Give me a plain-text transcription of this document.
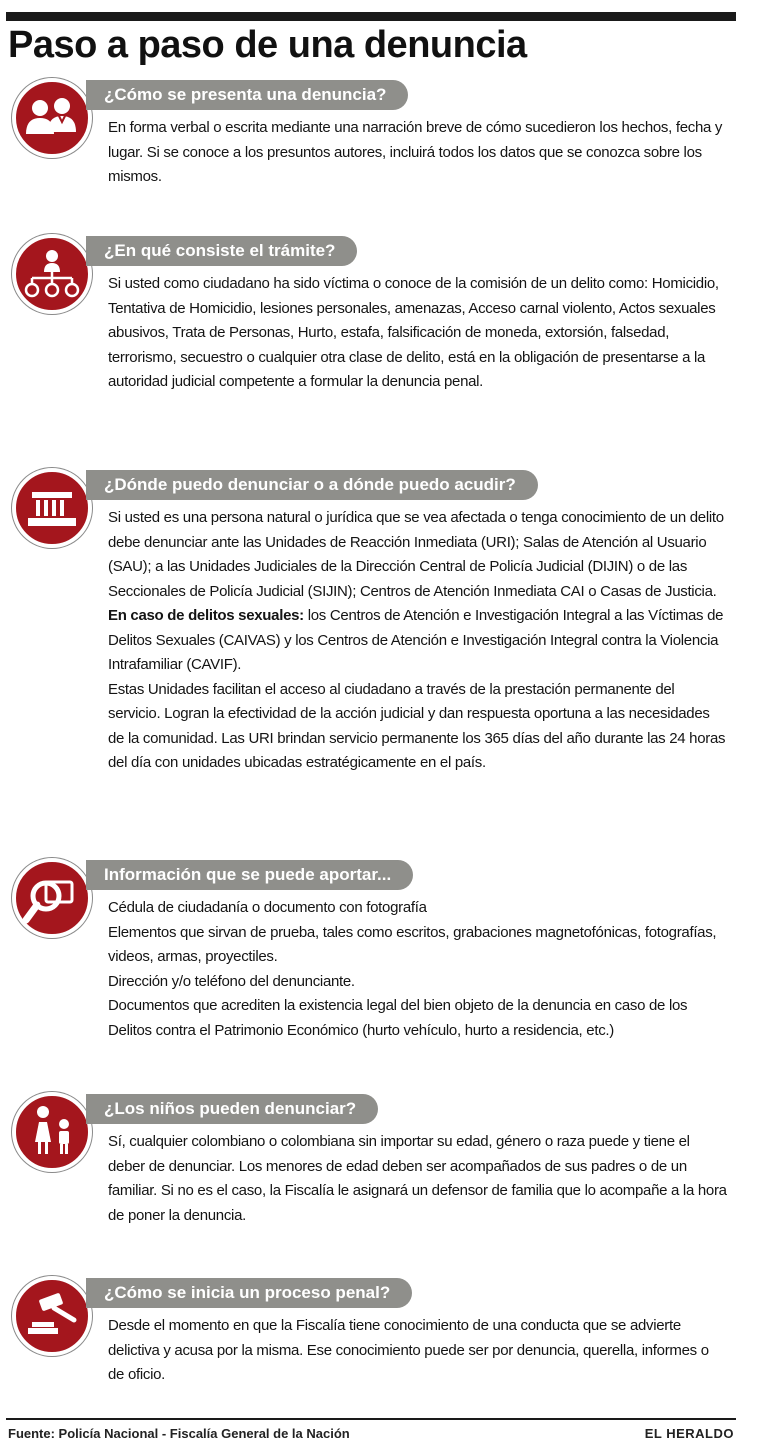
Paso a paso de una denuncia
¿Cómo se presenta una denuncia?

En forma verbal o escrita mediante una narración breve de cómo sucedieron los hechos, fecha y lugar. Si se conoce a los presuntos autores, incluirá todos los datos que se conozca sobre los mismos.

¿En qué consiste el trámite?

Si usted como ciudadano ha sido víctima o conoce de la comisión de un delito como: Homicidio, Tentativa de Homicidio, lesiones personales, amenazas, Acceso carnal violento, Actos sexuales abusivos, Trata de Personas, Hurto, estafa, falsificación de moneda, extorsión, falsedad, terrorismo, secuestro o cualquier otra clase de delito, está en la obligación de presentarse a la autoridad judicial competente a formular la denuncia penal.

¿Dónde puedo denunciar o a dónde puedo acudir?

Si usted es una persona natural o jurídica que se vea afectada o tenga conocimiento de un delito debe denunciar ante las Unidades de Reacción Inmediata (URI); Salas de Atención al Usuario (SAU); a las Unidades Judiciales de la Dirección Central de Policía Judicial (DIJIN) o de las Seccionales de Policía Judicial (SIJIN); Centros de Atención Inmediata CAI o Casas de Justicia.

En caso de delitos sexuales: los Centros de Atención e Investigación Integral a las Víctimas de Delitos Sexuales (CAIVAS) y los Centros de Atención e Investigación Integral contra la Violencia Intrafamiliar (CAVIF).

Estas Unidades facilitan el acceso al ciudadano a través de la prestación permanente del servicio. Logran la efectividad de la acción judicial y dan respuesta oportuna a las necesidades de la comunidad. Las URI brindan servicio permanente los 365 días del año durante las 24 horas del día con unidades ubicadas estratégicamente en el país.

Información que se puede aportar...

Cédula de ciudadanía o documento con fotografía

Elementos que sirvan de prueba, tales como escritos, grabaciones magnetofónicas, fotografías, videos, armas, proyectiles.

Dirección y/o teléfono del denunciante.

Documentos que acrediten la existencia legal del bien objeto de la denuncia en caso de los Delitos contra el Patrimonio Económico (hurto vehículo, hurto a residencia, etc.)

¿Los niños pueden denunciar?

Sí, cualquier colombiano o colombiana sin importar su edad, género o raza puede y tiene el deber de denunciar. Los menores de edad deben ser acompañados de sus padres o de un familiar. Si no es el caso, la Fiscalía le asignará un defensor de familia que lo acompañe a la hora de poner la denuncia.

¿Cómo se inicia un proceso penal?

Desde el momento en que la Fiscalía tiene conocimiento de una conducta que se advierte delictiva y acusa por la misma. Ese conocimiento puede ser por denuncia, querella, informes o de oficio.

Fuente: Policía Nacional - Fiscalía General de la Nación	EL HERALDO
